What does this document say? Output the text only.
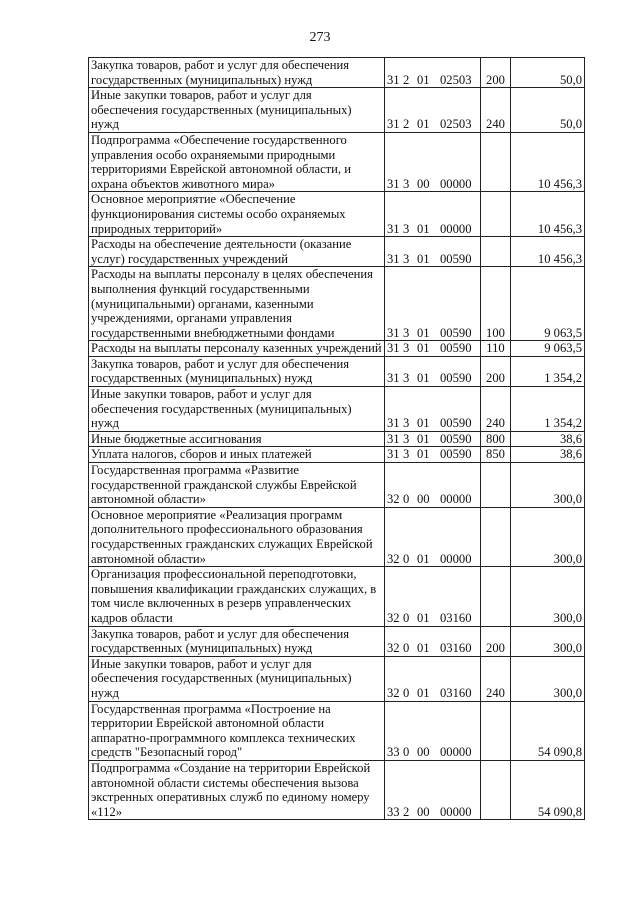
273
Закупка товаров, работ и услуг для обеспечения государственных (муниципальных) нужд	31 2 01 02503	200	50,0
Иные закупки товаров, работ и услуг для обеспечения государственных (муниципальных) нужд	31 2 01 02503	240	50,0
Подпрограмма «Обеспечение государственного управления особо охраняемыми природными территориями Еврейской автономной области, и охрана объектов животного мира»	31 3 00 00000		10 456,3
Основное мероприятие «Обеспечение функционирования системы особо охраняемых природных территорий»	31 3 01 00000		10 456,3
Расходы на обеспечение деятельности (оказание услуг) государственных учреждений	31 3 01 00590		10 456,3
Расходы на выплаты персоналу в целях обеспечения выполнения функций государственными (муниципальными) органами, казенными учреждениями, органами управления государственными внебюджетными фондами	31 3 01 00590	100	9 063,5
Расходы на выплаты персоналу казенных учреждений	31 3 01 00590	110	9 063,5
Закупка товаров, работ и услуг для обеспечения государственных (муниципальных) нужд	31 3 01 00590	200	1 354,2
Иные закупки товаров, работ и услуг для обеспечения государственных (муниципальных) нужд	31 3 01 00590	240	1 354,2
Иные бюджетные ассигнования	31 3 01 00590	800	38,6
Уплата налогов, сборов и иных платежей	31 3 01 00590	850	38,6
Государственная программа «Развитие государственной гражданской службы Еврейской автономной области»	32 0 00 00000		300,0
Основное мероприятие «Реализация программ дополнительного профессионального образования государственных гражданских служащих Еврейской автономной области»	32 0 01 00000		300,0
Организация профессиональной переподготовки, повышения квалификации гражданских служащих, в том числе включенных в резерв управленческих кадров области	32 0 01 03160		300,0
Закупка товаров, работ и услуг для обеспечения государственных (муниципальных) нужд	32 0 01 03160	200	300,0
Иные закупки товаров, работ и услуг для обеспечения государственных (муниципальных) нужд	32 0 01 03160	240	300,0
Государственная программа «Построение на территории Еврейской автономной области аппаратно-программного комплекса технических средств "Безопасный город"	33 0 00 00000		54 090,8
Подпрограмма «Создание на территории Еврейской автономной области системы обеспечения вызова экстренных оперативных служб по единому номеру «112»	33 2 00 00000		54 090,8
